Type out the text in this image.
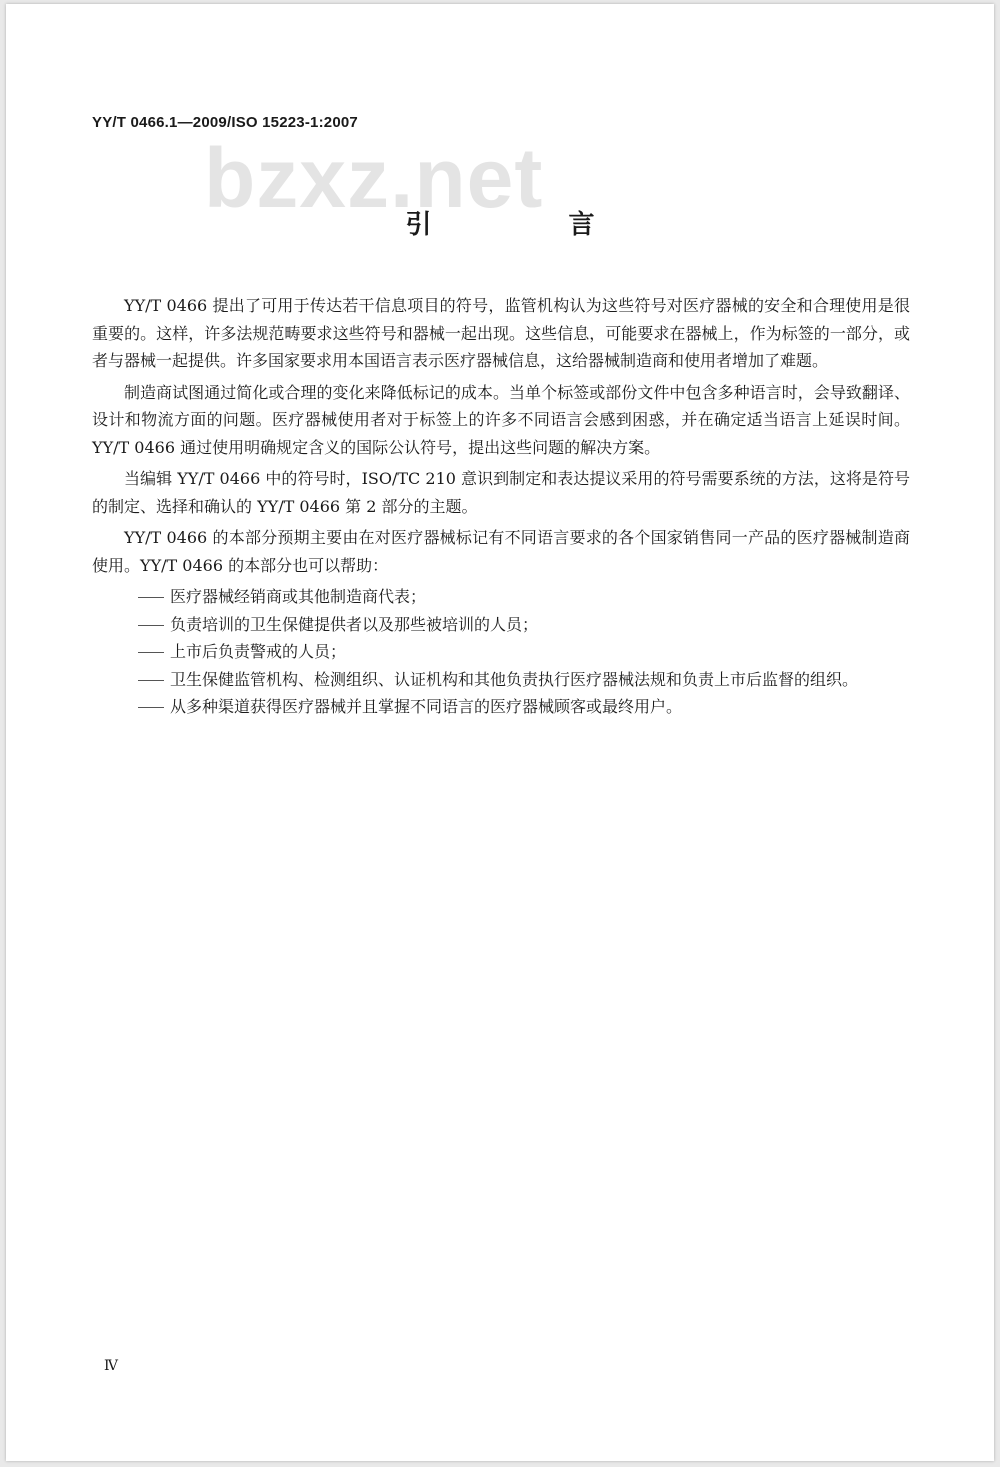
YY/T 0466.1—2009/ISO 15223-1:2007
bzxz.net
引 言

YY/T 0466 提出了可用于传达若干信息项目的符号，监管机构认为这些符号对医疗器械的安全和合理使用是很重要的。这样，许多法规范畴要求这些符号和器械一起出现。这些信息，可能要求在器械上，作为标签的一部分，或者与器械一起提供。许多国家要求用本国语言表示医疗器械信息，这给器械制造商和使用者增加了难题。

制造商试图通过简化或合理的变化来降低标记的成本。当单个标签或部份文件中包含多种语言时，会导致翻译、设计和物流方面的问题。医疗器械使用者对于标签上的许多不同语言会感到困惑，并在确定适当语言上延误时间。YY/T 0466 通过使用明确规定含义的国际公认符号，提出这些问题的解决方案。

当编辑 YY/T 0466 中的符号时，ISO/TC 210 意识到制定和表达提议采用的符号需要系统的方法，这将是符号的制定、选择和确认的 YY/T 0466 第 2 部分的主题。

YY/T 0466 的本部分预期主要由在对医疗器械标记有不同语言要求的各个国家销售同一产品的医疗器械制造商使用。YY/T 0466 的本部分也可以帮助：

医疗器械经销商或其他制造商代表；
负责培训的卫生保健提供者以及那些被培训的人员；
上市后负责警戒的人员；
卫生保健监管机构、检测组织、认证机构和其他负责执行医疗器械法规和负责上市后监督的组织。
从多种渠道获得医疗器械并且掌握不同语言的医疗器械顾客或最终用户。
Ⅳ
